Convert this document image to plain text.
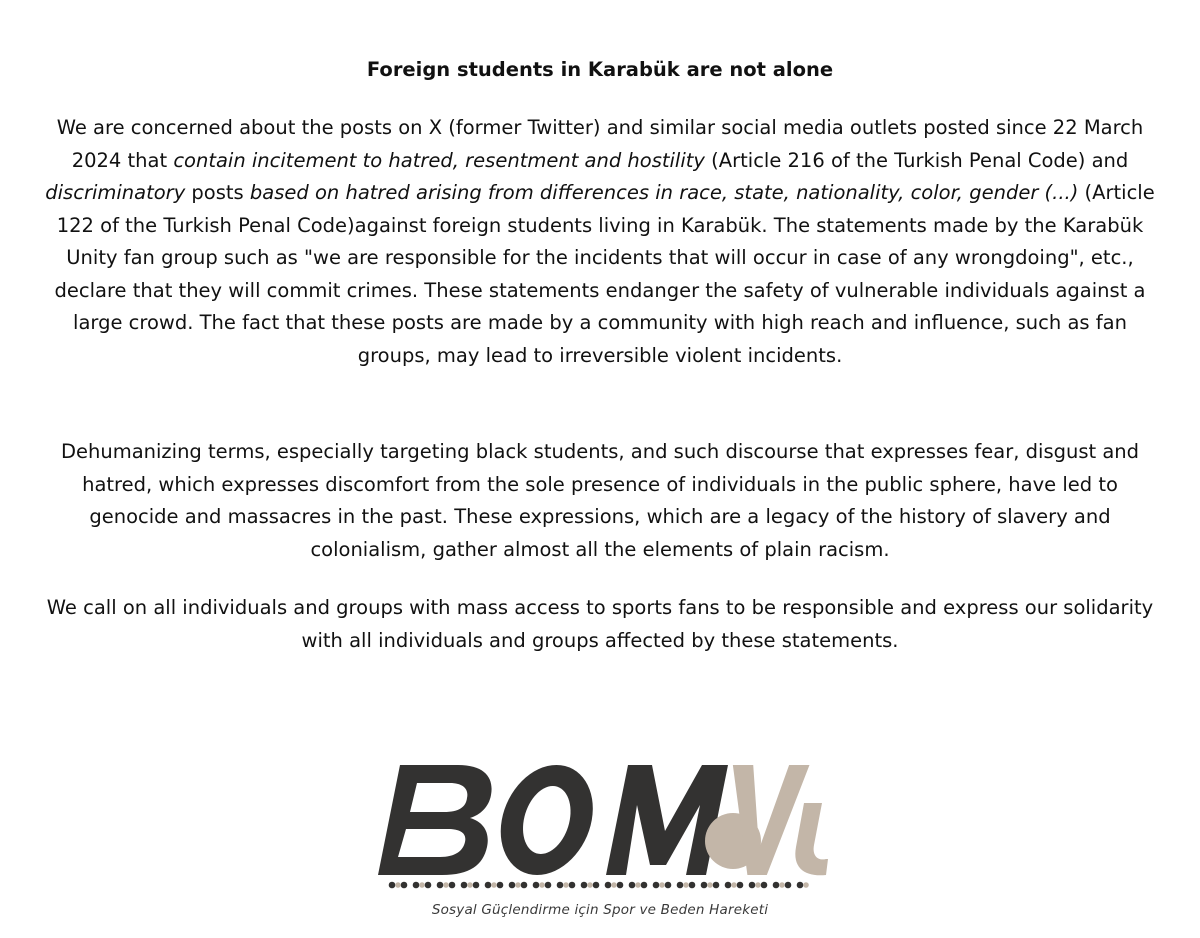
Foreign students in Karabük are not alone

We are concerned about the posts on X (former Twitter) and similar social media outlets posted since 22 March 2024 that contain incitement to hatred, resentment and hostility (Article 216 of the Turkish Penal Code) and discriminatory posts based on hatred arising from differences in race, state, nationality, color, gender (...) (Article 122 of the Turkish Penal Code)against foreign students living in Karabük. The statements made by the Karabük Unity fan group such as "we are responsible for the incidents that will occur in case of any wrongdoing", etc., declare that they will commit crimes. These statements endanger the safety of vulnerable individuals against a large crowd. The fact that these posts are made by a community with high reach and influence, such as fan groups, may lead to irreversible violent incidents.

Dehumanizing terms, especially targeting black students, and such discourse that expresses fear, disgust and hatred, which expresses discomfort from the sole presence of individuals in the public sphere, have led to genocide and massacres in the past. These expressions, which are a legacy of the history of slavery and colonialism, gather almost all the elements of plain racism.

We call on all individuals and groups with mass access to sports fans to be responsible and express our solidarity with all individuals and groups affected by these statements.

Sosyal Güçlendirme için Spor ve Beden Hareketi
